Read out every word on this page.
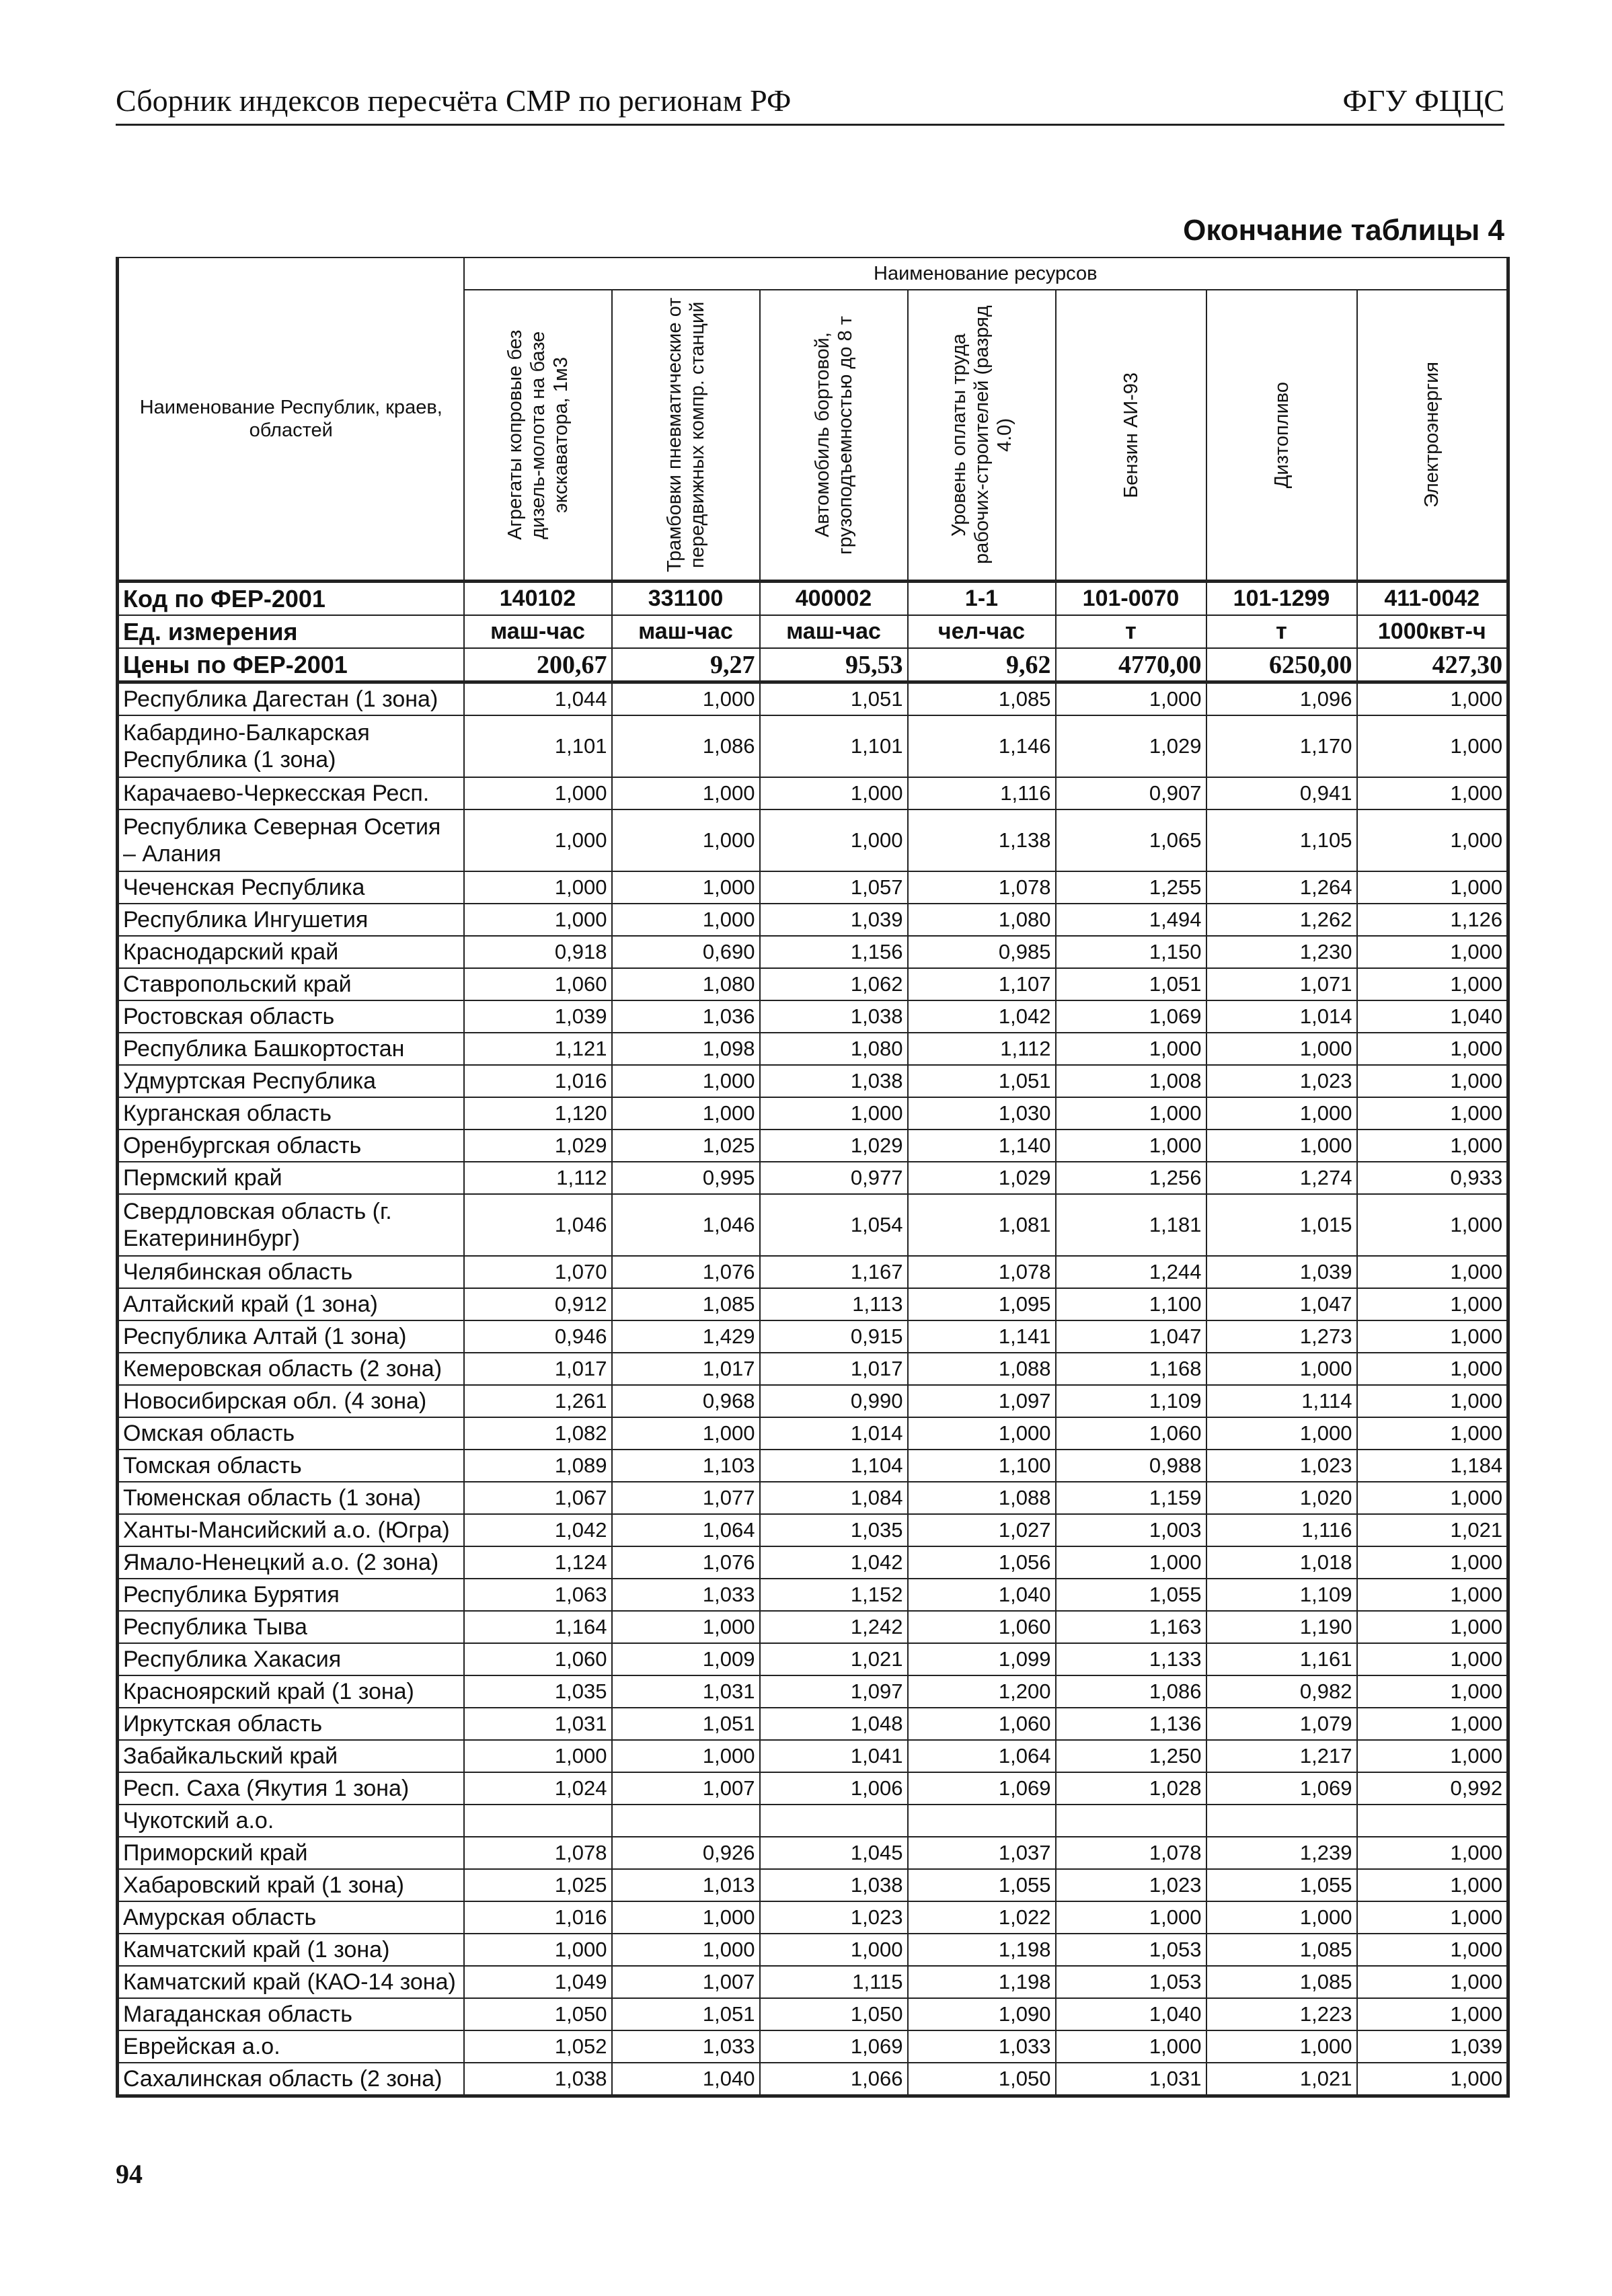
Сборник индексов пересчёта СМР по регионам РФ	ФГУ ФЦЦС
Окончание таблицы 4
Наименование Республик, краев, областей	Наименование ресурсов						

	Агрегаты копровые без дизель-молота на базе экскаватора, 1м3	Трамбовки пневматические от передвижных компр. станций	Автомобиль бортовой, грузоподъемностью до 8 т	Уровень оплаты труда рабочих-строителей (разряд 4.0)	Бензин АИ-93	Дизтопливо	Электроэнергия

Код по ФЕР-2001	140102	331100	400002	1-1	101-0070	101-1299	411-0042
Ед. измерения	маш-час	маш-час	маш-час	чел-час	т	т	1000квт-ч
Цены по ФЕР-2001	200,67	9,27	95,53	9,62	4770,00	6250,00	427,30
Республика Дагестан (1 зона)	1,044	1,000	1,051	1,085	1,000	1,096	1,000
Кабардино-Балкарская Республика (1 зона)	1,101	1,086	1,101	1,146	1,029	1,170	1,000
Карачаево-Черкесская Респ.	1,000	1,000	1,000	1,116	0,907	0,941	1,000
Республика Северная Осетия – Алания	1,000	1,000	1,000	1,138	1,065	1,105	1,000
Чеченская Республика	1,000	1,000	1,057	1,078	1,255	1,264	1,000
Республика Ингушетия	1,000	1,000	1,039	1,080	1,494	1,262	1,126
Краснодарский край	0,918	0,690	1,156	0,985	1,150	1,230	1,000
Ставропольский край	1,060	1,080	1,062	1,107	1,051	1,071	1,000
Ростовская область	1,039	1,036	1,038	1,042	1,069	1,014	1,040
Республика Башкортостан	1,121	1,098	1,080	1,112	1,000	1,000	1,000
Удмуртская Республика	1,016	1,000	1,038	1,051	1,008	1,023	1,000
Курганская область	1,120	1,000	1,000	1,030	1,000	1,000	1,000
Оренбургская область	1,029	1,025	1,029	1,140	1,000	1,000	1,000
Пермский край	1,112	0,995	0,977	1,029	1,256	1,274	0,933
Свердловская область (г. Екатерининбург)	1,046	1,046	1,054	1,081	1,181	1,015	1,000
Челябинская область	1,070	1,076	1,167	1,078	1,244	1,039	1,000
Алтайский край (1 зона)	0,912	1,085	1,113	1,095	1,100	1,047	1,000
Республика Алтай (1 зона)	0,946	1,429	0,915	1,141	1,047	1,273	1,000
Кемеровская область (2 зона)	1,017	1,017	1,017	1,088	1,168	1,000	1,000
Новосибирская обл. (4 зона)	1,261	0,968	0,990	1,097	1,109	1,114	1,000
Омская область	1,082	1,000	1,014	1,000	1,060	1,000	1,000
Томская область	1,089	1,103	1,104	1,100	0,988	1,023	1,184
Тюменская область (1 зона)	1,067	1,077	1,084	1,088	1,159	1,020	1,000
Ханты-Мансийский а.о. (Югра)	1,042	1,064	1,035	1,027	1,003	1,116	1,021
Ямало-Ненецкий а.о. (2 зона)	1,124	1,076	1,042	1,056	1,000	1,018	1,000
Республика Бурятия	1,063	1,033	1,152	1,040	1,055	1,109	1,000
Республика Тыва	1,164	1,000	1,242	1,060	1,163	1,190	1,000
Республика Хакасия	1,060	1,009	1,021	1,099	1,133	1,161	1,000
Красноярский край (1 зона)	1,035	1,031	1,097	1,200	1,086	0,982	1,000
Иркутская область	1,031	1,051	1,048	1,060	1,136	1,079	1,000
Забайкальский край	1,000	1,000	1,041	1,064	1,250	1,217	1,000
Респ. Саха (Якутия 1 зона)	1,024	1,007	1,006	1,069	1,028	1,069	0,992
Чукотский а.о.							
Приморский край	1,078	0,926	1,045	1,037	1,078	1,239	1,000
Хабаровский край (1 зона)	1,025	1,013	1,038	1,055	1,023	1,055	1,000
Амурская область	1,016	1,000	1,023	1,022	1,000	1,000	1,000
Камчатский край (1 зона)	1,000	1,000	1,000	1,198	1,053	1,085	1,000
Камчатский край (КАО-14 зона)	1,049	1,007	1,115	1,198	1,053	1,085	1,000
Магаданская область	1,050	1,051	1,050	1,090	1,040	1,223	1,000
Еврейская а.о.	1,052	1,033	1,069	1,033	1,000	1,000	1,039
Сахалинская область (2 зона)	1,038	1,040	1,066	1,050	1,031	1,021	1,000
94
